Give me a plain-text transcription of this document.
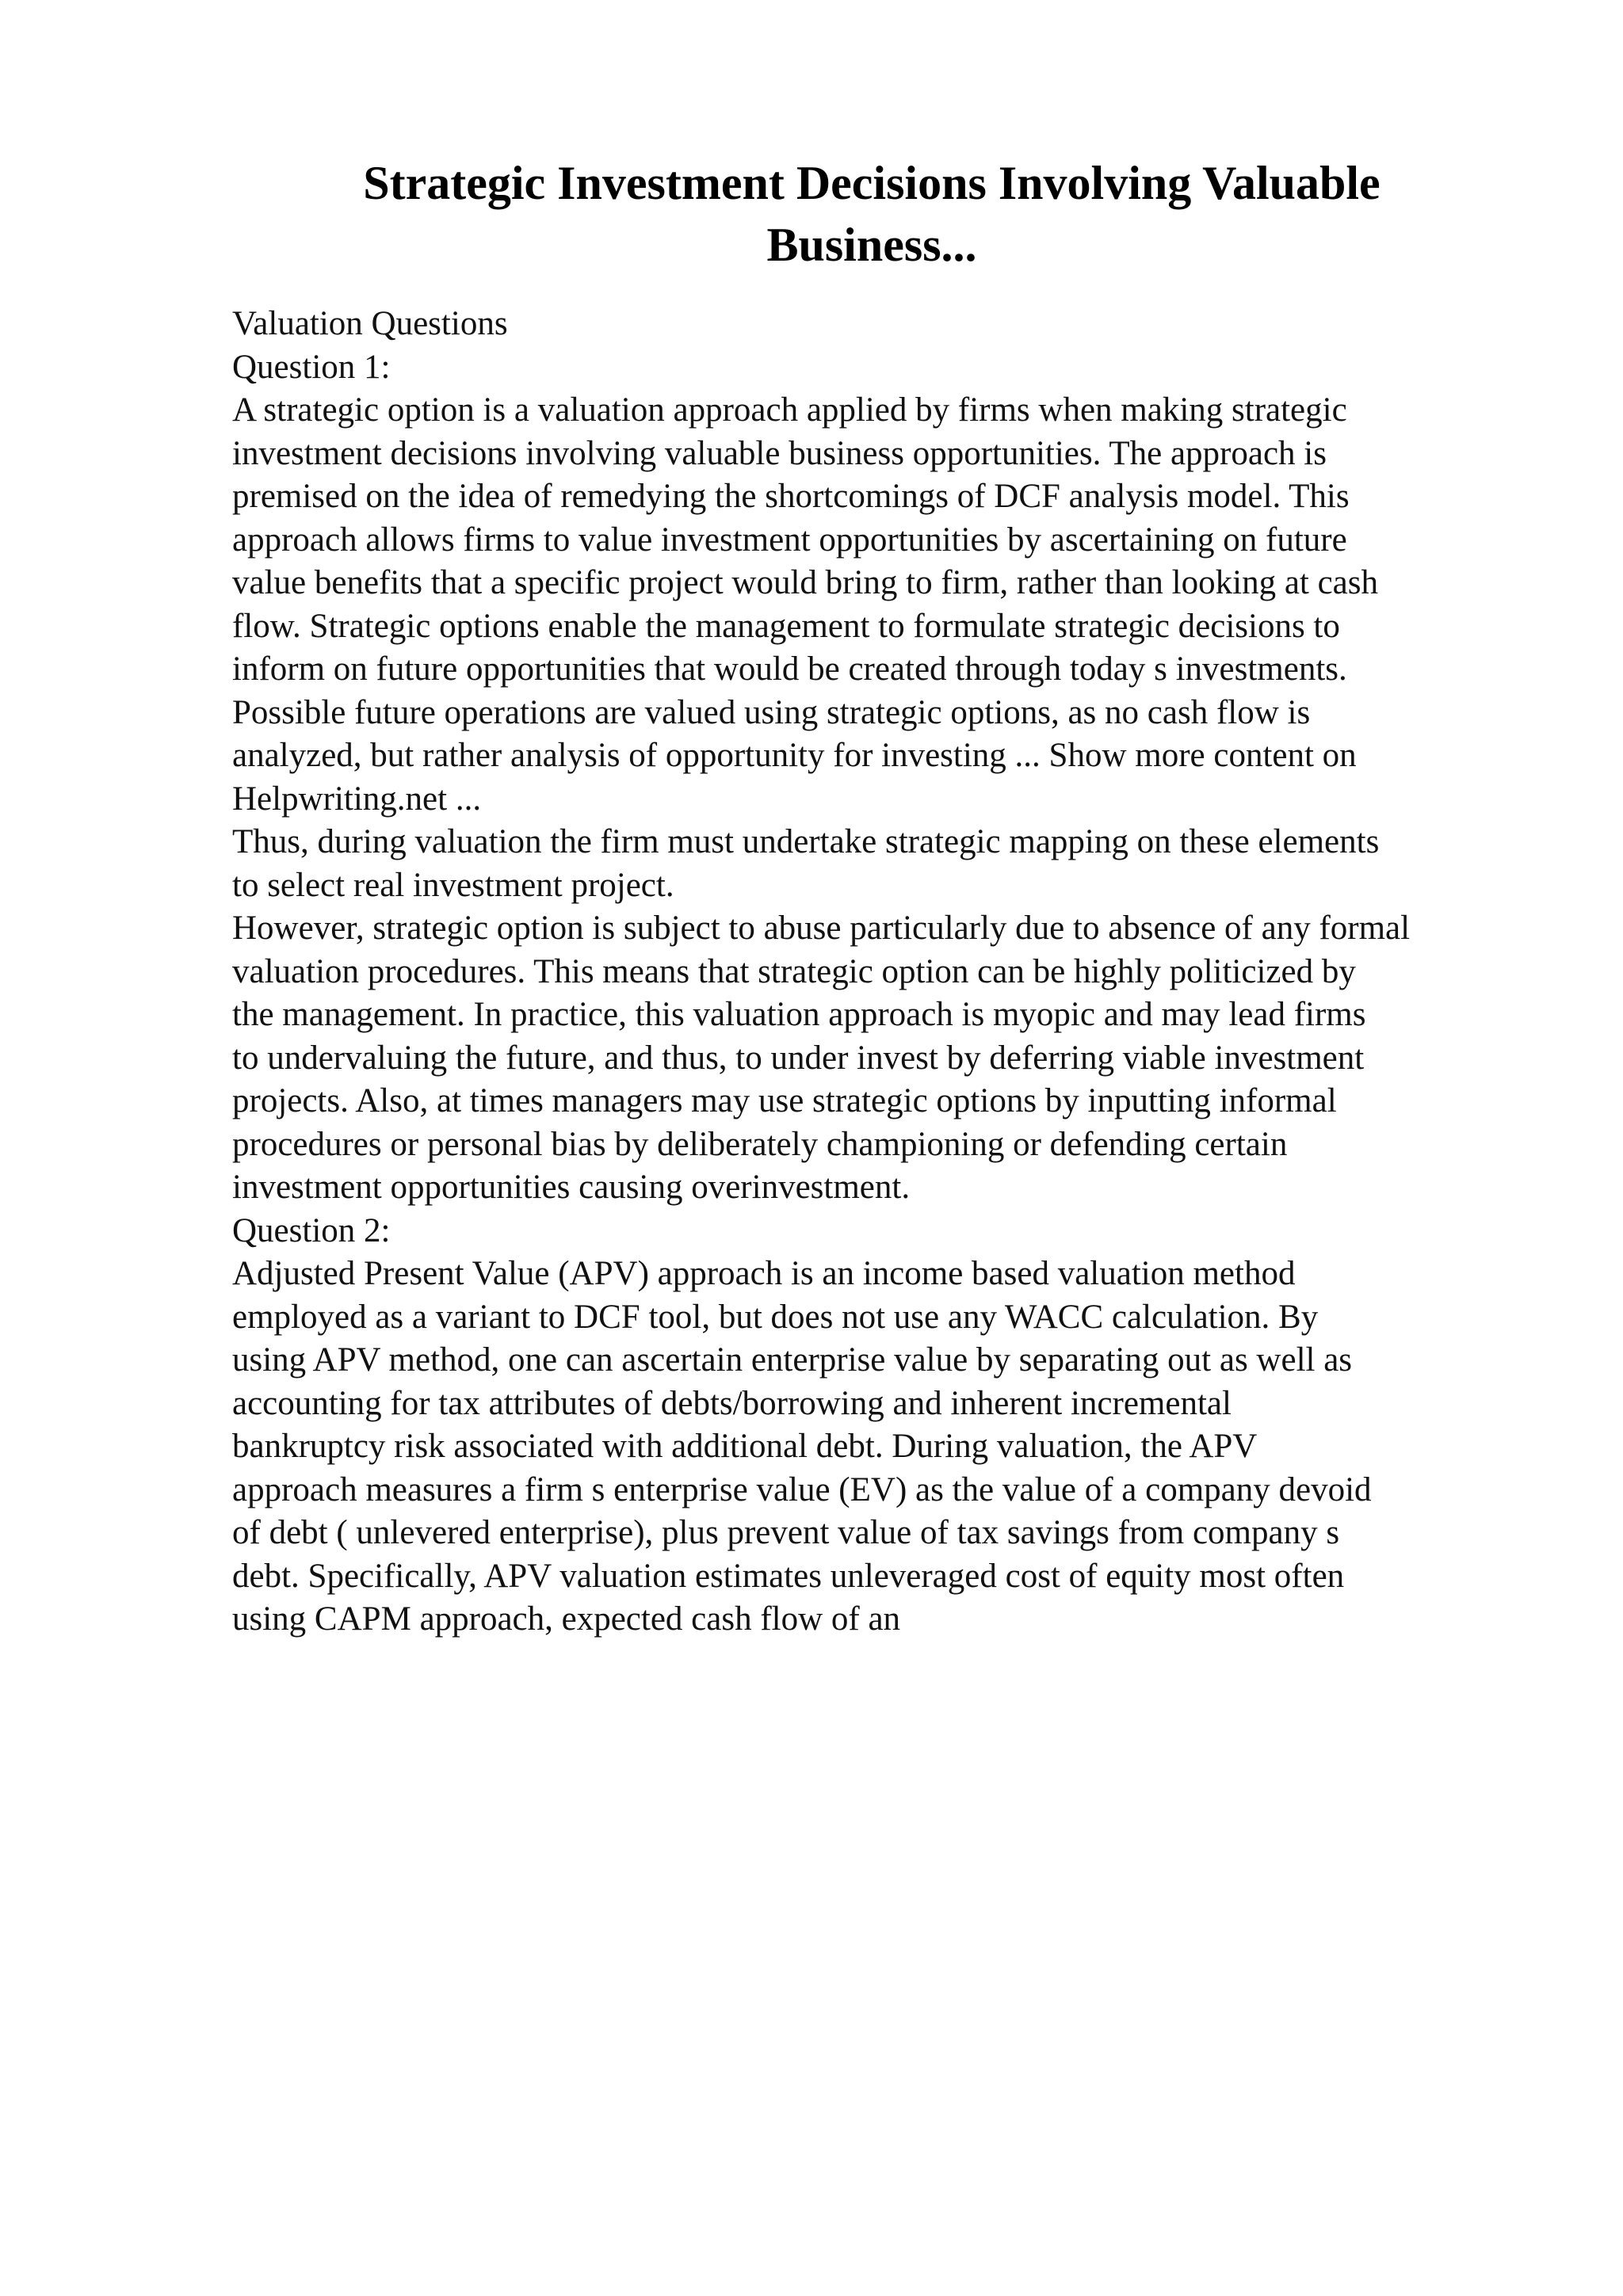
Strategic Investment Decisions Involving Valuable
Business...

Valuation Questions

Question 1:

A strategic option is a valuation approach applied by firms when making strategic

investment decisions involving valuable business opportunities. The approach is

premised on the idea of remedying the shortcomings of DCF analysis model. This

approach allows firms to value investment opportunities by ascertaining on future

value benefits that a specific project would bring to firm, rather than looking at cash

flow. Strategic options enable the management to formulate strategic decisions to

inform on future opportunities that would be created through today s investments.

Possible future operations are valued using strategic options, as no cash flow is

analyzed, but rather analysis of opportunity for investing ... Show more content on

Helpwriting.net ...

Thus, during valuation the firm must undertake strategic mapping on these elements

to select real investment project.

However, strategic option is subject to abuse particularly due to absence of any formal

valuation procedures. This means that strategic option can be highly politicized by

the management. In practice, this valuation approach is myopic and may lead firms

to undervaluing the future, and thus, to under invest by deferring viable investment

projects. Also, at times managers may use strategic options by inputting informal

procedures or personal bias by deliberately championing or defending certain

investment opportunities causing overinvestment.

Question 2:

Adjusted Present Value (APV) approach is an income based valuation method

employed as a variant to DCF tool, but does not use any WACC calculation. By

using APV method, one can ascertain enterprise value by separating out as well as

accounting for tax attributes of debts/borrowing and inherent incremental

bankruptcy risk associated with additional debt. During valuation, the APV

approach measures a firm s enterprise value (EV) as the value of a company devoid

of debt ( unlevered enterprise), plus prevent value of tax savings from company s

debt. Specifically, APV valuation estimates unleveraged cost of equity most often

using CAPM approach, expected cash flow of an
